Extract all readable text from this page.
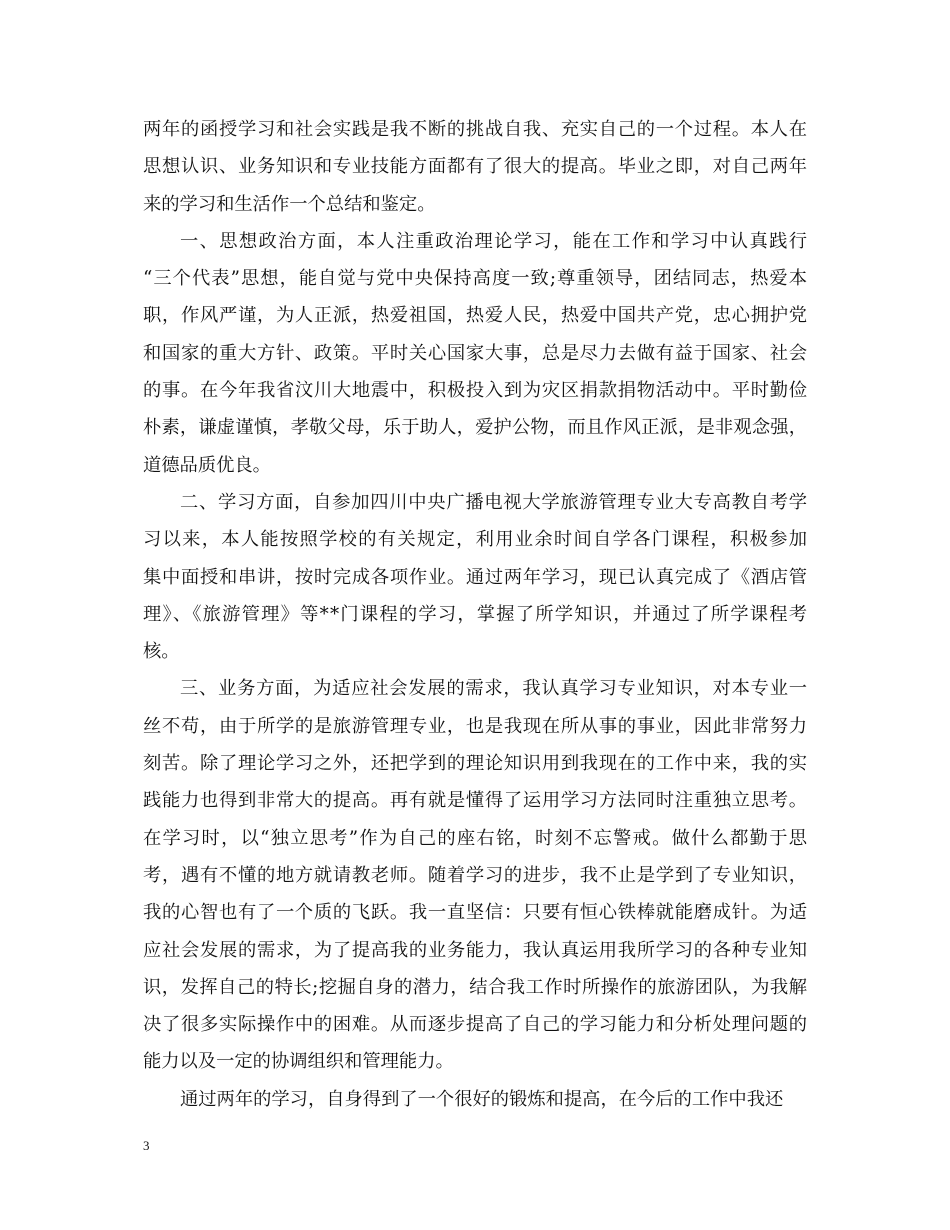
两年的函授学习和社会实践是我不断的挑战自我、充实自己的一个过程。本人在
思想认识、业务知识和专业技能方面都有了很大的提高。毕业之即，对自己两年
来的学习和生活作一个总结和鉴定。
一、思想政治方面，本人注重政治理论学习，能在工作和学习中认真践行
“三个代表”思想，能自觉与党中央保持高度一致;尊重领导，团结同志，热爱本
职，作风严谨，为人正派，热爱祖国，热爱人民，热爱中国共产党，忠心拥护党
和国家的重大方针、政策。平时关心国家大事，总是尽力去做有益于国家、社会
的事。在今年我省汶川大地震中，积极投入到为灾区捐款捐物活动中。平时勤俭
朴素，谦虚谨慎，孝敬父母，乐于助人，爱护公物，而且作风正派，是非观念强，
道德品质优良。
二、学习方面，自参加四川中央广播电视大学旅游管理专业大专高教自考学
习以来，本人能按照学校的有关规定，利用业余时间自学各门课程，积极参加
集中面授和串讲，按时完成各项作业。通过两年学习，现已认真完成了《酒店管
理》、《旅游管理》等**门课程的学习，掌握了所学知识，并通过了所学课程考
核。
三、业务方面，为适应社会发展的需求，我认真学习专业知识，对本专业一
丝不苟，由于所学的是旅游管理专业，也是我现在所从事的事业，因此非常努力
刻苦。除了理论学习之外，还把学到的理论知识用到我现在的工作中来，我的实
践能力也得到非常大的提高。再有就是懂得了运用学习方法同时注重独立思考。
在学习时，以“独立思考”作为自己的座右铭，时刻不忘警戒。做什么都勤于思
考，遇有不懂的地方就请教老师。随着学习的进步，我不止是学到了专业知识，
我的心智也有了一个质的飞跃。我一直坚信：只要有恒心铁棒就能磨成针。为适
应社会发展的需求，为了提高我的业务能力，我认真运用我所学习的各种专业知
识，发挥自己的特长;挖掘自身的潜力，结合我工作时所操作的旅游团队，为我解
决了很多实际操作中的困难。从而逐步提高了自己的学习能力和分析处理问题的
能力以及一定的协调组织和管理能力。
通过两年的学习，自身得到了一个很好的锻炼和提高，在今后的工作中我还
3
